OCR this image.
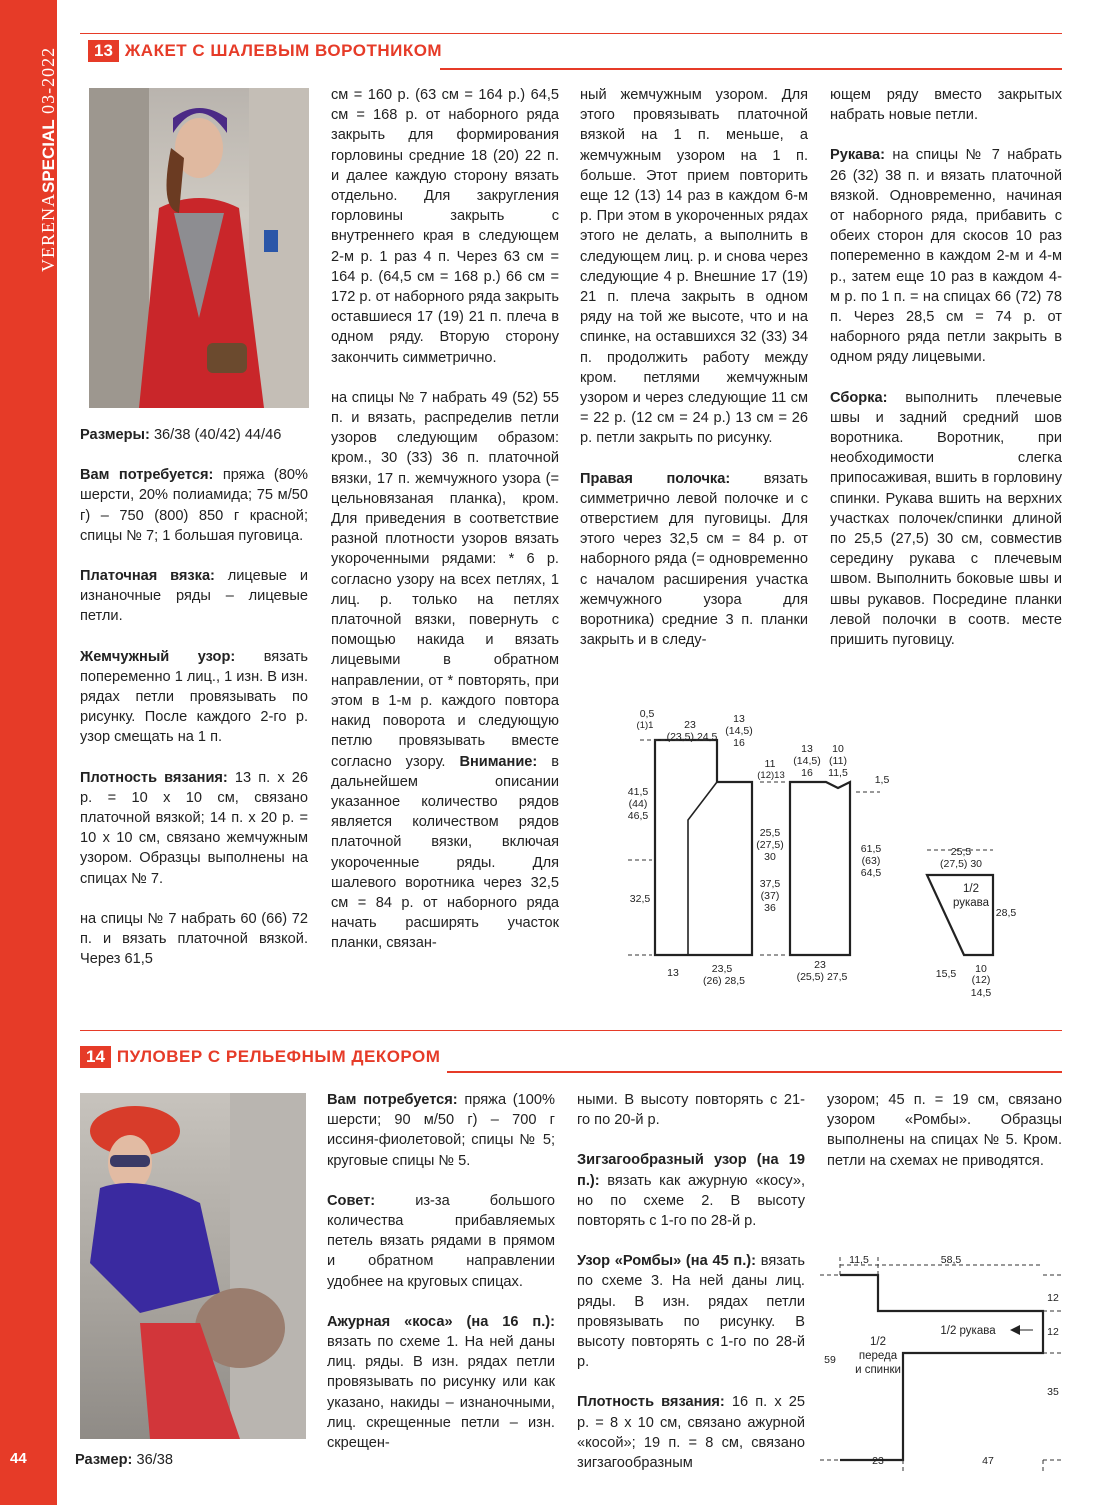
VERENASPECIAL 03-2022
44
13 ЖАКЕТ С ШАЛЕВЫМ ВОРОТНИКОМ

Размеры: 36/38 (40/42) 44/46

Вам потребуется: пряжа (80% шерсти, 20% полиамида; 75 м/50 г) – 750 (800) 850 г красной; спицы № 7; 1 большая пуговица.

Платочная вязка: лицевые и изнаночные ряды – лицевые петли.

Жемчужный узор: вязать попеременно 1 лиц., 1 изн. В изн. рядах петли провязывать по рисунку. После каждого 2-го р. узор смещать на 1 п.

Плотность вязания: 13 п. х 26 р. = 10 х 10 см, связано платочной вязкой; 14 п. х 20 р. = 10 х 10 см, связано жемчужным узором. Образцы выполнены на спицах № 7.

на спицы № 7 набрать 60 (66) 72 п. и вязать платочной вязкой. Через 61,5

см = 160 р. (63 см = 164 р.) 64,5 см = 168 р. от наборного ряда закрыть для формирования горловины средние 18 (20) 22 п. и далее каждую сторону вязать отдельно. Для закругления горловины закрыть с внутреннего края в следующем 2-м р. 1 раз 4 п. Через 63 см = 164 р. (64,5 см = 168 р.) 66 см = 172 р. от наборного ряда закрыть оставшиеся 17 (19) 21 п. плеча в одном ряду. Вторую сторону закончить симметрично.

на спицы № 7 набрать 49 (52) 55 п. и вязать, распределив петли узоров следующим образом: кром., 30 (33) 36 п. платочной вязки, 17 п. жемчужного узора (= цельновязаная планка), кром. Для приведения в соответствие разной плотности узоров вязать укороченными рядами: * 6 р. согласно узору на всех петлях, 1 лиц. р. только на петлях платочной вязки, повернуть с помощью накида и вязать лицевыми в обратном направлении, от * повторять, при этом в 1-м р. каждого повтора накид поворота и следующую петлю провязывать вместе согласно узору. Внимание: в дальнейшем описании указанное количество рядов является количеством рядов платочной вязки, включая укороченные ряды. Для шалевого воротника через 32,5 см = 84 р. от наборного ряда начать расширять участок планки, связан-

ный жемчужным узором. Для этого провязывать платочной вязкой на 1 п. меньше, а жемчужным узором на 1 п. больше. Этот прием повторить еще 12 (13) 14 раз в каждом 6-м р. При этом в укороченных рядах этого не делать, а выполнить в следующем лиц. р. и снова через следующие 4 р. Внешние 17 (19) 21 п. плеча закрыть в одном ряду на той же высоте, что и на спинке, на оставшихся 32 (33) 34 п. продолжить работу между кром. петлями жемчужным узором и через следующие 11 см = 22 р. (12 см = 24 р.) 13 см = 26 р. петли закрыть по рисунку.

Правая полочка: вязать симметрично левой полочке и с отверстием для пуговицы. Для этого через 32,5 см = 84 р. от наборного ряда (= одновременно с началом расширения участка жемчужного узора для воротника) средние 3 п. планки закрыть и в следу-

ющем ряду вместо закрытых набрать новые петли.

Рукава: на спицы № 7 набрать 26 (32) 38 п. и вязать платочной вязкой. Одновременно, начиная от наборного ряда, прибавить с обеих сторон для скосов 10 раз попеременно в каждом 2-м и 4-м р., затем еще 10 раз в каждом 4-м р. по 1 п. = на спицах 66 (72) 78 п. Через 28,5 см = 74 р. от наборного ряда петли закрыть в одном ряду лицевыми.

Сборка: выполнить плечевые швы и задний средний шов воротника. Воротник, при необходимости слегка припосаживая, вшить в горловину спинки. Рукава вшить на верхних участках полочек/спинки длиной по 25,5 (27,5) 30 см, совместив середину рукава с плечевым швом. Выполнить боковые швы и швы рукавов. Посредине планки левой полочки в соотв. месте пришить пуговицу.

0,5
(1)1	23
(23,5) 24,5
13
(14,5)
16
11
(12)13
41,5
(44)
46,5
32,5
25,5
(27,5)
30
37,5
(37)
36
13	23,5
(26) 28,5
13
(14,5)
16
10
(11)
11,5
1,5
61,5
(63)
64,5
23
(25,5) 27,5
25,5
(27,5) 30
28,5
15,5 10
(12)
14,5
1/2 рукава
14 ПУЛОВЕР С РЕЛЬЕФНЫМ ДЕКОРОМ
Размер: 36/38

Вам потребуется: пряжа (100% шерсти; 90 м/50 г) – 700 г иссиня-фиолетовой; спицы № 5; круговые спицы № 5.

Совет: из-за большого количества прибавляемых петель вязать рядами в прямом и обратном направлении удобнее на круговых спицах.

Ажурная «коса» (на 16 п.): вязать по схеме 1. На ней даны лиц. ряды. В изн. рядах петли провязывать по рисунку или как указано, накиды – изнаночными, лиц. скрещенные петли – изн. скрещен-

ными. В высоту повторять с 21-го по 20-й р.

Зигзагообразный узор (на 19 п.): вязать как ажурную «косу», но по схеме 2. В высоту повторять с 1-го по 28-й р.

Узор «Ромбы» (на 45 п.): вязать по схеме 3. На ней даны лиц. ряды. В изн. рядах петли провязывать по рисунку. В высоту повторять с 1-го по 28-й р.

Плотность вязания: 16 п. х 25 р. = 8 х 10 см, связано ажурной «косой»; 19 п. = 8 см, связано зигзагообразным

узором; 45 п. = 19 см, связано узором «Ромбы». Образцы выполнены на спицах № 5. Кром. петли на схемах не приводятся.

11,5	58,5
12
12
35
59
23	47
1/2 рукава
1/2 переда и спинки
